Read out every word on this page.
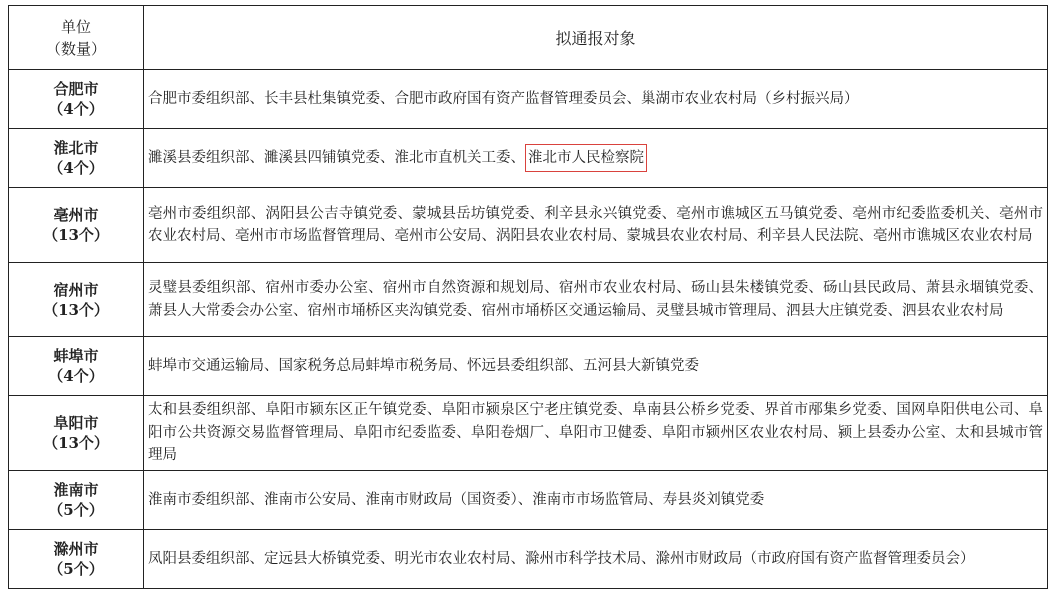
单位
（数量）	拟通报对象

合肥市
（4个）	合肥市委组织部、长丰县杜集镇党委、合肥市政府国有资产监督管理委员会、巢湖市农业农村局（乡村振兴局）

淮北市
（4个）	濉溪县委组织部、濉溪县四铺镇党委、淮北市直机关工委、 淮北市人民检察院

亳州市
（13个）	亳州市委组织部、涡阳县公吉寺镇党委、蒙城县岳坊镇党委、利辛县永兴镇党委、亳州市谯城区五马镇党委、亳州市纪委监委机关、亳州市农业农村局、亳州市市场监督管理局、亳州市公安局、涡阳县农业农村局、蒙城县农业农村局、利辛县人民法院、亳州市谯城区农业农村局

宿州市
（13个）	灵璧县委组织部、宿州市委办公室、宿州市自然资源和规划局、宿州市农业农村局、砀山县朱楼镇党委、砀山县民政局、萧县永堌镇党委、萧县人大常委会办公室、宿州市埇桥区夹沟镇党委、宿州市埇桥区交通运输局、灵璧县城市管理局、泗县大庄镇党委、泗县农业农村局

蚌埠市
（4个）	蚌埠市交通运输局、国家税务总局蚌埠市税务局、怀远县委组织部、五河县大新镇党委

阜阳市
（13个）	太和县委组织部、阜阳市颍东区正午镇党委、阜阳市颍泉区宁老庄镇党委、阜南县公桥乡党委、界首市邴集乡党委、国网阜阳供电公司、阜阳市公共资源交易监督管理局、阜阳市纪委监委、阜阳卷烟厂、阜阳市卫健委、阜阳市颍州区农业农村局、颍上县委办公室、太和县城市管理局

淮南市
（5个）	淮南市委组织部、淮南市公安局、淮南市财政局（国资委）、淮南市市场监管局、寿县炎刘镇党委

滁州市
（5个）	凤阳县委组织部、定远县大桥镇党委、明光市农业农村局、滁州市科学技术局、滁州市财政局（市政府国有资产监督管理委员会）
